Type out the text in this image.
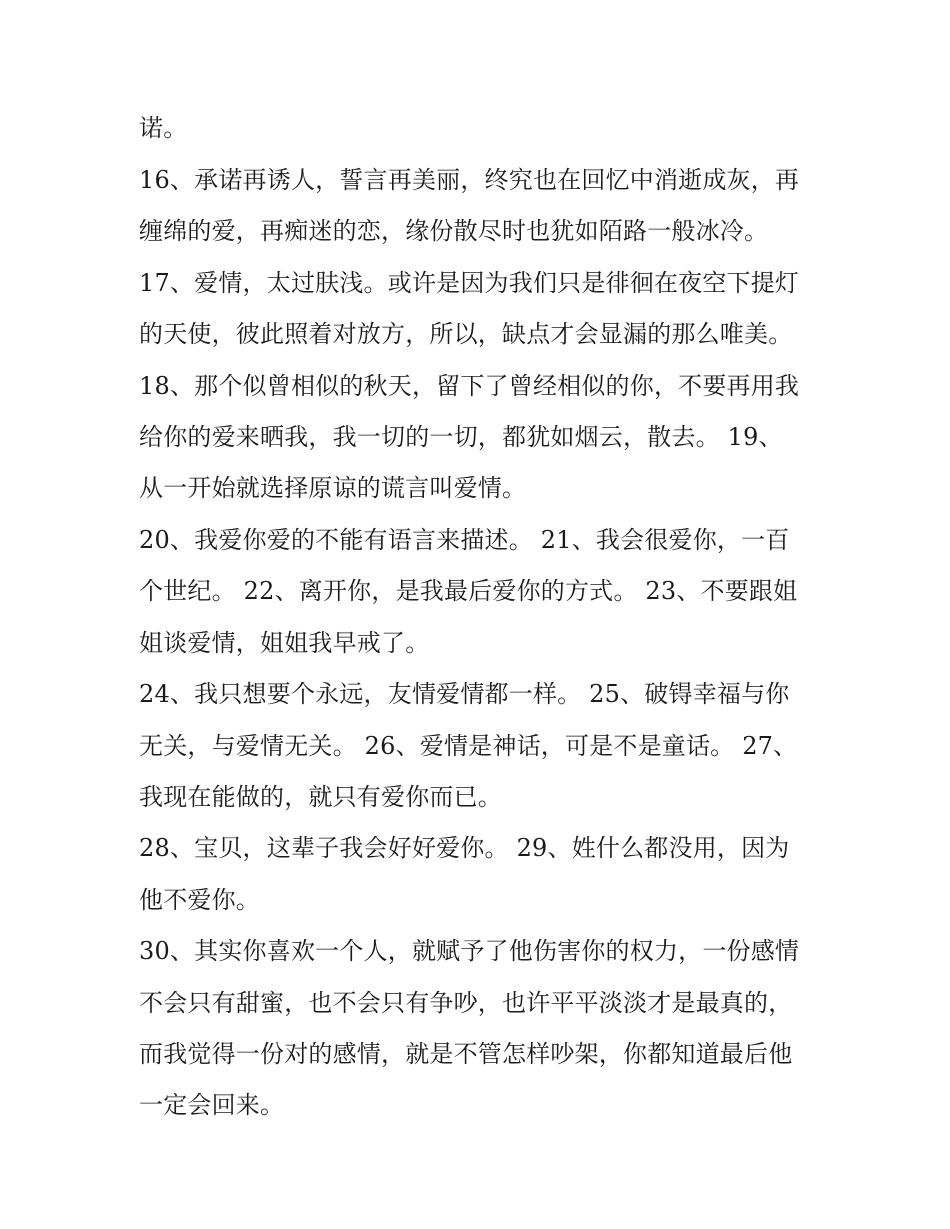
诺。
16、承诺再诱人，誓言再美丽，终究也在回忆中消逝成灰，再
缠绵的爱，再痴迷的恋，缘份散尽时也犹如陌路一般冰冷。
17、爱情，太过肤浅。或许是因为我们只是徘徊在夜空下提灯
的天使，彼此照着对放方，所以，缺点才会显漏的那么唯美。
18、那个似曾相似的秋天，留下了曾经相似的你，不要再用我
给你的爱来晒我，我一切的一切，都犹如烟云，散去。 19、
从一开始就选择原谅的谎言叫爱情。
20、我爱你爱的不能有语言来描述。 21、我会很爱你，一百
个世纪。 22、离开你，是我最后爱你的方式。 23、不要跟姐
姐谈爱情，姐姐我早戒了。
24、我只想要个永远，友情爱情都一样。 25、破锝幸福与你
无关，与爱情无关。 26、爱情是神话，可是不是童话。 27、
我现在能做的，就只有爱你而已。
28、宝贝，这辈子我会好好爱你。 29、姓什么都没用，因为
他不爱你。
30、其实你喜欢一个人，就赋予了他伤害你的权力，一份感情
不会只有甜蜜，也不会只有争吵，也许平平淡淡才是最真的，
而我觉得一份对的感情，就是不管怎样吵架，你都知道最后他
一定会回来。
